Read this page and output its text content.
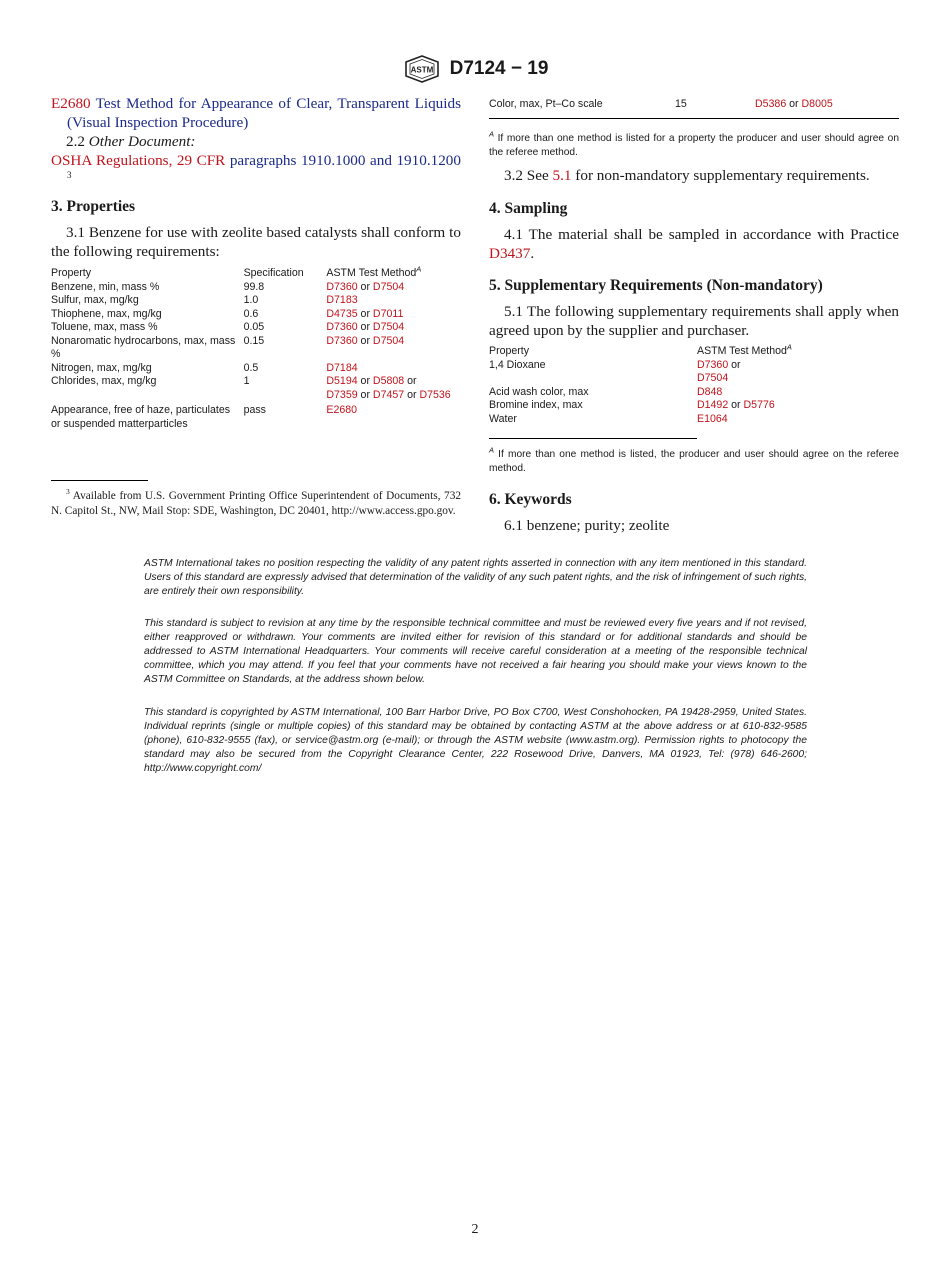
ASTM D7124 − 19
E2680 Test Method for Appearance of Clear, Transparent Liquids (Visual Inspection Procedure)
2.2 Other Document:
OSHA Regulations, 29 CFR paragraphs 1910.1000 and 1910.1200 $^3$
3. Properties
3.1 Benzene for use with zeolite based catalysts shall conform to the following requirements:
Property	Specification	ASTM Test Method$^A$
Benzene, min, mass %	99.8	D7360 or D7504
Sulfur, max, mg/kg	1.0	D7183
Thiophene, max, mg/kg	0.6	D4735 or D7011
Toluene, max, mass %	0.05	D7360 or D7504
Nonaromatic hydrocarbons, max, mass %	0.15	D7360 or D7504
Nitrogen, max, mg/kg	0.5	D7184
Chlorides, max, mg/kg	1	D5194 or D5808 or
D7359 or D7457 or D7536
Appearance, free of haze, particulates or suspended matterparticles	pass	E2680
$^3$ Available from U.S. Government Printing Office Superintendent of Documents, 732 N. Capitol St., NW, Mail Stop: SDE, Washington, DC 20401, http://www.access.gpo.gov.
Color, max, Pt–Co scale	15	D5386 or D8005
$^A$ If more than one method is listed for a property the producer and user should agree on the referee method.
3.2 See 5.1 for non-mandatory supplementary requirements.
4. Sampling
4.1 The material shall be sampled in accordance with Practice D3437.
5. Supplementary Requirements (Non-mandatory)
5.1 The following supplementary requirements shall apply when agreed upon by the supplier and purchaser.
Property	ASTM Test Method$^A$
1,4 Dioxane	D7360 or
D7504
Acid wash color, max	D848
Bromine index, max	D1492 or D5776
Water	E1064
$^A$ If more than one method is listed, the producer and user should agree on the referee method.
6. Keywords
6.1 benzene; purity; zeolite
ASTM International takes no position respecting the validity of any patent rights asserted in connection with any item mentioned in this standard. Users of this standard are expressly advised that determination of the validity of any such patent rights, and the risk of infringement of such rights, are entirely their own responsibility.
This standard is subject to revision at any time by the responsible technical committee and must be reviewed every five years and if not revised, either reapproved or withdrawn. Your comments are invited either for revision of this standard or for additional standards and should be addressed to ASTM International Headquarters. Your comments will receive careful consideration at a meeting of the responsible technical committee, which you may attend. If you feel that your comments have not received a fair hearing you should make your views known to the ASTM Committee on Standards, at the address shown below.
This standard is copyrighted by ASTM International, 100 Barr Harbor Drive, PO Box C700, West Conshohocken, PA 19428-2959, United States. Individual reprints (single or multiple copies) of this standard may be obtained by contacting ASTM at the above address or at 610-832-9585 (phone), 610-832-9555 (fax), or service@astm.org (e-mail); or through the ASTM website (www.astm.org). Permission rights to photocopy the standard may also be secured from the Copyright Clearance Center, 222 Rosewood Drive, Danvers, MA 01923, Tel: (978) 646-2600; http://www.copyright.com/
2
